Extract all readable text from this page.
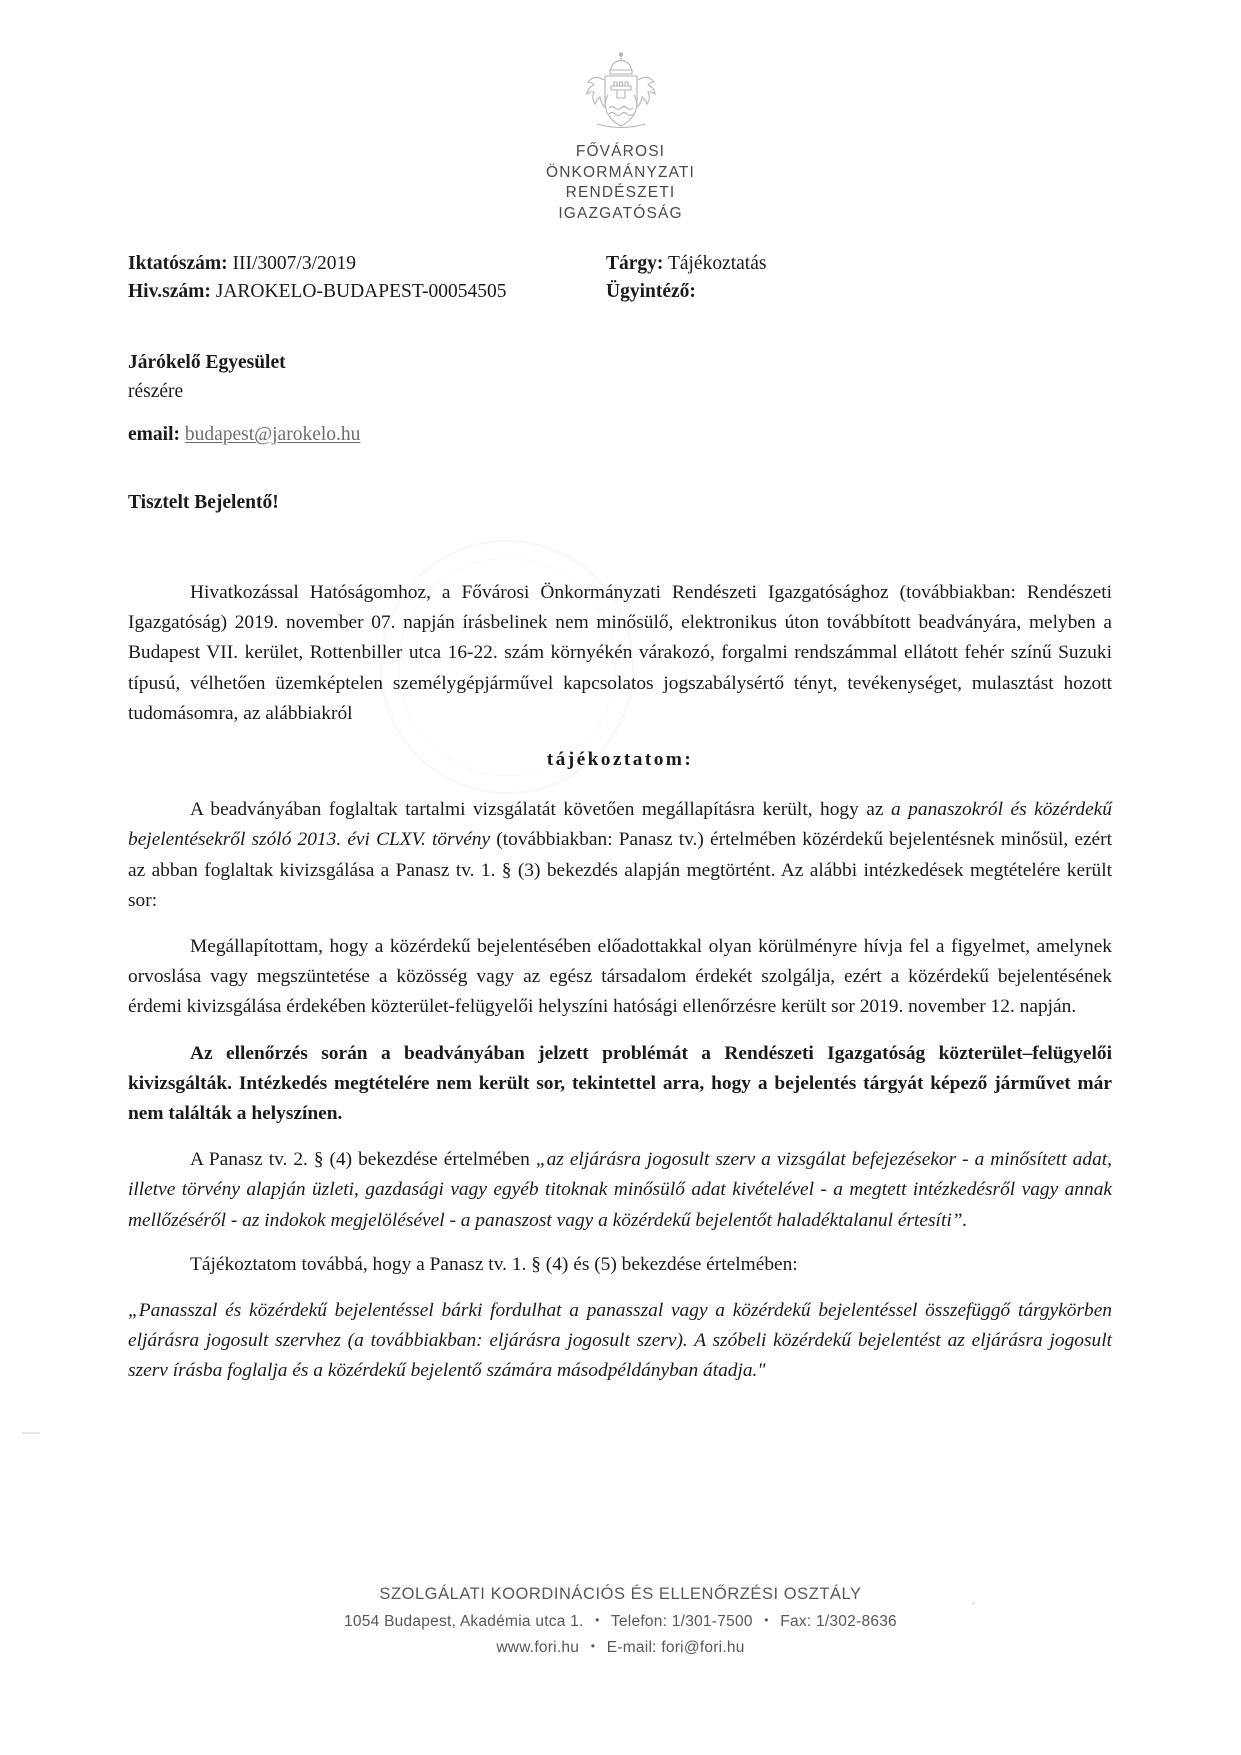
FŐVÁROSI
ÖNKORMÁNYZATI
RENDÉSZETI
IGAZGATÓSÁG
Iktatószám: III/3007/3/2019	Tárgy: Tájékoztatás
Hiv.szám: JAROKELO-BUDAPEST-00054505	Ügyintéző:
Járókelő Egyesület
részére
email: budapest@jarokelo.hu
Tisztelt Bejelentő!

Hivatkozással Hatóságomhoz, a Fővárosi Önkormányzati Rendészeti Igazgatósághoz (továbbiakban: Rendészeti Igazgatóság) 2019. november 07. napján írásbelinek nem minősülő, elektronikus úton továbbított beadványára, melyben a Budapest VII. kerület, Rottenbiller utca 16-22. szám környékén várakozó, forgalmi rendszámmal ellátott fehér színű Suzuki típusú, vélhetően üzemképtelen személygépjárművel kapcsolatos jogszabálysértő tényt, tevékenységet, mulasztást hozott tudomásomra, az alábbiakról

tájékoztatom:

A beadványában foglaltak tartalmi vizsgálatát követően megállapításra került, hogy az a panaszokról és közérdekű bejelentésekről szóló 2013. évi CLXV. törvény (továbbiakban: Panasz tv.) értelmében közérdekű bejelentésnek minősül, ezért az abban foglaltak kivizsgálása a Panasz tv. 1. § (3) bekezdés alapján megtörtént. Az alábbi intézkedések megtételére került sor:

Megállapítottam, hogy a közérdekű bejelentésében előadottakkal olyan körülményre hívja fel a figyelmet, amelynek orvoslása vagy megszüntetése a közösség vagy az egész társadalom érdekét szolgálja, ezért a közérdekű bejelentésének érdemi kivizsgálása érdekében közterület-felügyelői helyszíni hatósági ellenőrzésre került sor 2019. november 12. napján.

Az ellenőrzés során a beadványában jelzett problémát a Rendészeti Igazgatóság közterület–felügyelői kivizsgálták. Intézkedés megtételére nem került sor, tekintettel arra, hogy a bejelentés tárgyát képező járművet már nem találták a helyszínen.

A Panasz tv. 2. § (4) bekezdése értelmében „az eljárásra jogosult szerv a vizsgálat befejezésekor - a minősített adat, illetve törvény alapján üzleti, gazdasági vagy egyéb titoknak minősülő adat kivételével - a megtett intézkedésről vagy annak mellőzéséről - az indokok megjelölésével - a panaszost vagy a közérdekű bejelentőt haladéktalanul értesíti”.

Tájékoztatom továbbá, hogy a Panasz tv. 1. § (4) és (5) bekezdése értelmében:

„Panasszal és közérdekű bejelentéssel bárki fordulhat a panasszal vagy a közérdekű bejelentéssel összefüggő tárgykörben eljárásra jogosult szervhez (a továbbiakban: eljárásra jogosult szerv). A szóbeli közérdekű bejelentést az eljárásra jogosult szerv írásba foglalja és a közérdekű bejelentő számára másodpéldányban átadja."

SZOLGÁLATI KOORDINÁCIÓS ÉS ELLENŐRZÉSI OSZTÁLY
1054 Budapest, Akadémia utca 1. • Telefon: 1/301-7500 • Fax: 1/302-8636
www.fori.hu • E-mail: fori@fori.hu
